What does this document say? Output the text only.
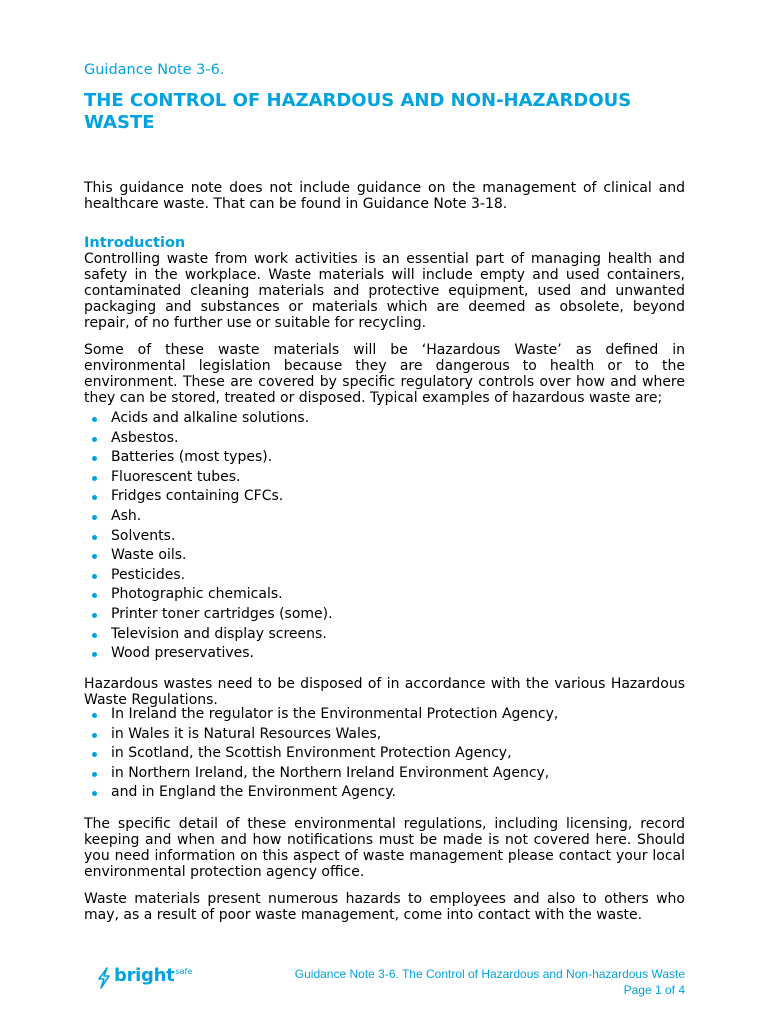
Guidance Note 3-6.
THE CONTROL OF HAZARDOUS AND NON-HAZARDOUS WASTE

This guidance note does not include guidance on the management of clinical and healthcare waste. That can be found in Guidance Note 3-18.

Introduction

Controlling waste from work activities is an essential part of managing health and safety in the workplace. Waste materials will include empty and used containers, contaminated cleaning materials and protective equipment, used and unwanted packaging and substances or materials which are deemed as obsolete, beyond repair, of no further use or suitable for recycling.

Some of these waste materials will be ‘Hazardous Waste’ as defined in environmental legislation because they are dangerous to health or to the environment. These are covered by specific regulatory controls over how and where they can be stored, treated or disposed. Typical examples of hazardous waste are;

Acids and alkaline solutions.
Asbestos.
Batteries (most types).
Fluorescent tubes.
Fridges containing CFCs.
Ash.
Solvents.
Waste oils.
Pesticides.
Photographic chemicals.
Printer toner cartridges (some).
Television and display screens.
Wood preservatives.

Hazardous wastes need to be disposed of in accordance with the various Hazardous Waste Regulations.

In Ireland the regulator is the Environmental Protection Agency,
in Wales it is Natural Resources Wales,
in Scotland, the Scottish Environment Protection Agency,
in Northern Ireland, the Northern Ireland Environment Agency,
and in England the Environment Agency.

The specific detail of these environmental regulations, including licensing, record keeping and when and how notifications must be made is not covered here. Should you need information on this aspect of waste management please contact your local environmental protection agency office.

Waste materials present numerous hazards to employees and also to others who may, as a result of poor waste management, come into contact with the waste.

bright safe	Guidance Note 3-6. The Control of Hazardous and Non-hazardous Waste
Page 1 of 4
